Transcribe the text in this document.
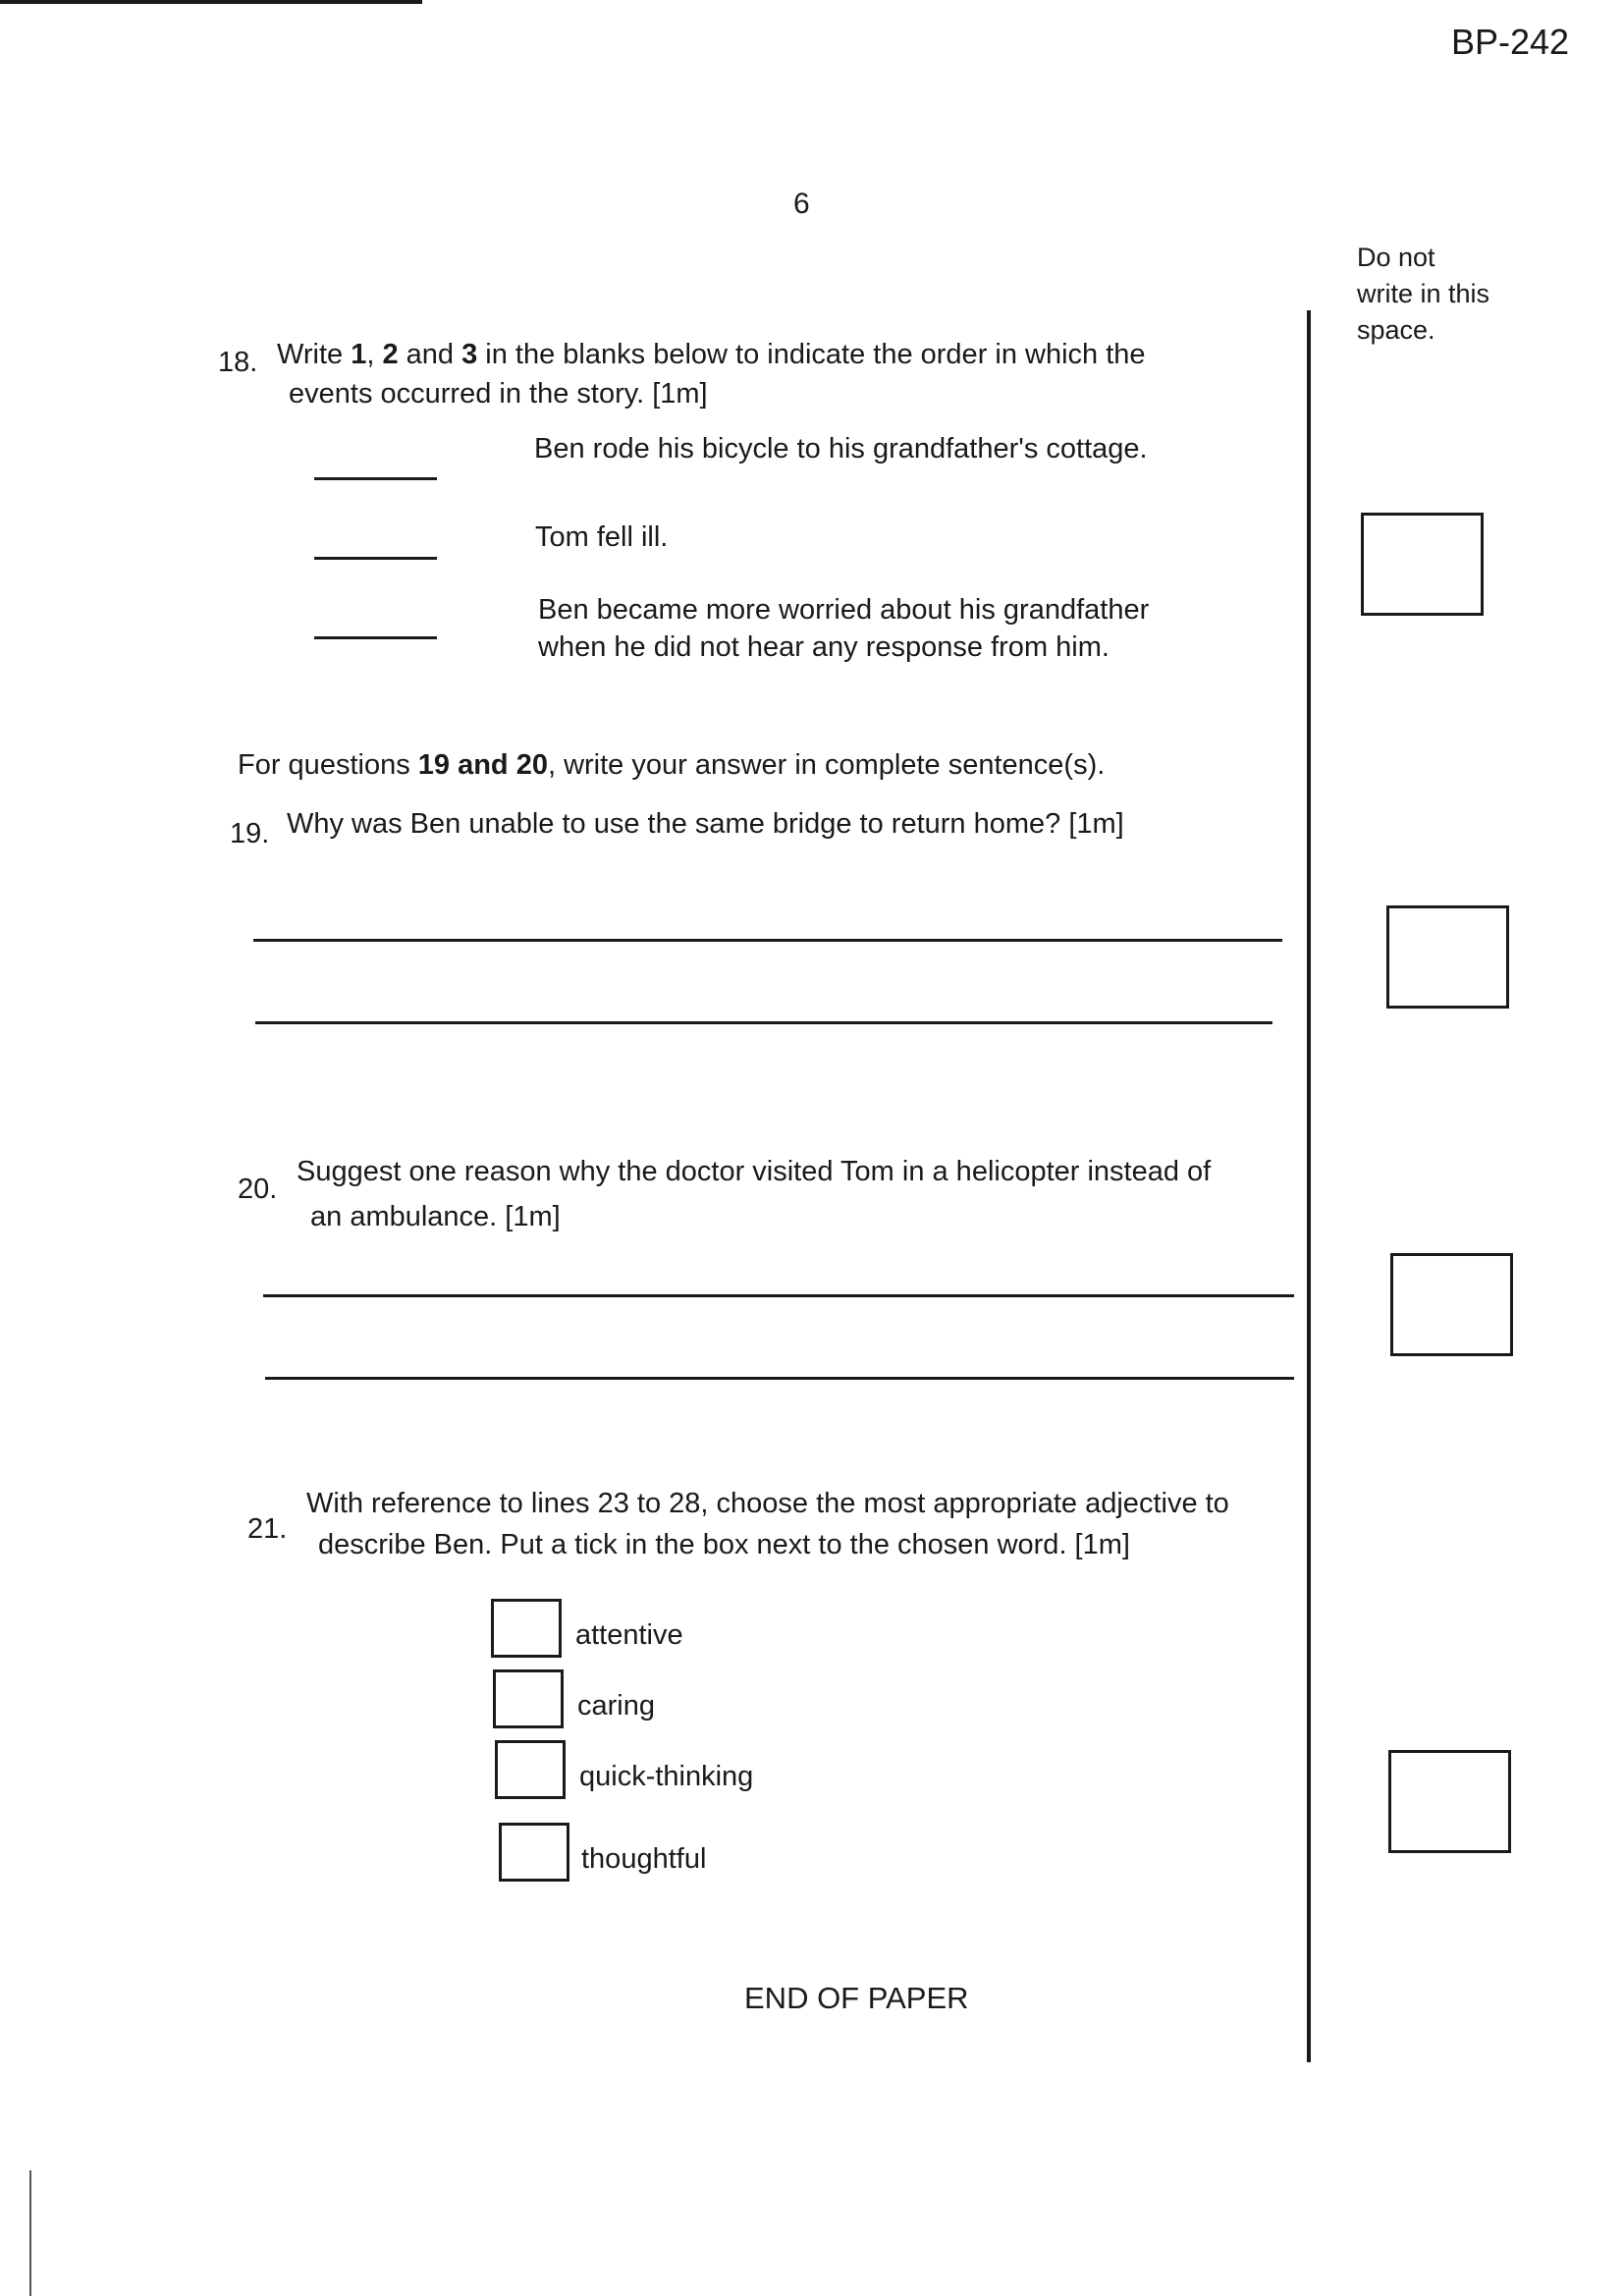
BP-242
6
Do not
write in this
space.
18. Write 1, 2 and 3 in the blanks below to indicate the order in which the
events occurred in the story. [1m]
Ben rode his bicycle to his grandfather's cottage.
Tom fell ill.
Ben became more worried about his grandfather
when he did not hear any response from him.
For questions 19 and 20, write your answer in complete sentence(s).
19. Why was Ben unable to use the same bridge to return home? [1m]
20.
Suggest one reason why the doctor visited Tom in a helicopter instead of
an ambulance. [1m]
21.
With reference to lines 23 to 28, choose the most appropriate adjective to
describe Ben. Put a tick in the box next to the chosen word. [1m]
attentive
caring
quick-thinking
thoughtful
END OF PAPER
